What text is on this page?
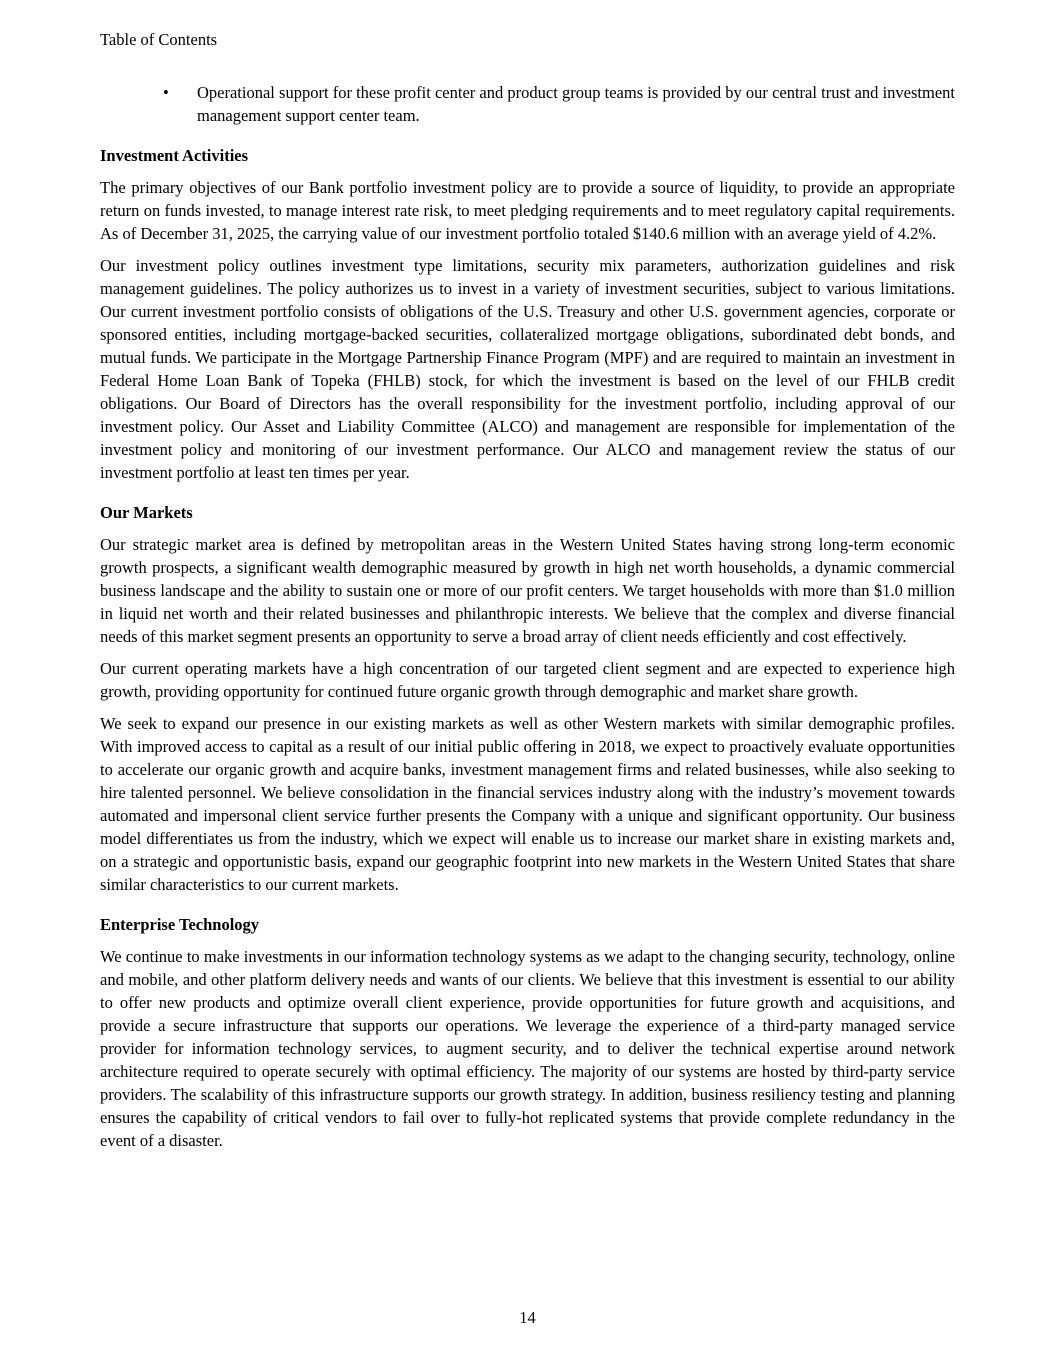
Table of Contents
•	Operational support for these profit center and product group teams is provided by our central trust and investment management support center team.
Investment Activities

The primary objectives of our Bank portfolio investment policy are to provide a source of liquidity, to provide an appropriate return on funds invested, to manage interest rate risk, to meet pledging requirements and to meet regulatory capital requirements. As of December 31, 2025, the carrying value of our investment portfolio totaled $140.6 million with an average yield of 4.2%.

Our investment policy outlines investment type limitations, security mix parameters, authorization guidelines and risk management guidelines. The policy authorizes us to invest in a variety of investment securities, subject to various limitations. Our current investment portfolio consists of obligations of the U.S. Treasury and other U.S. government agencies, corporate or sponsored entities, including mortgage-backed securities, collateralized mortgage obligations, subordinated debt bonds, and mutual funds. We participate in the Mortgage Partnership Finance Program (MPF) and are required to maintain an investment in Federal Home Loan Bank of Topeka (FHLB) stock, for which the investment is based on the level of our FHLB credit obligations. Our Board of Directors has the overall responsibility for the investment portfolio, including approval of our investment policy. Our Asset and Liability Committee (ALCO) and management are responsible for implementation of the investment policy and monitoring of our investment performance. Our ALCO and management review the status of our investment portfolio at least ten times per year.

Our Markets

Our strategic market area is defined by metropolitan areas in the Western United States having strong long-term economic growth prospects, a significant wealth demographic measured by growth in high net worth households, a dynamic commercial business landscape and the ability to sustain one or more of our profit centers. We target households with more than $1.0 million in liquid net worth and their related businesses and philanthropic interests. We believe that the complex and diverse financial needs of this market segment presents an opportunity to serve a broad array of client needs efficiently and cost effectively.

Our current operating markets have a high concentration of our targeted client segment and are expected to experience high growth, providing opportunity for continued future organic growth through demographic and market share growth.

We seek to expand our presence in our existing markets as well as other Western markets with similar demographic profiles. With improved access to capital as a result of our initial public offering in 2018, we expect to proactively evaluate opportunities to accelerate our organic growth and acquire banks, investment management firms and related businesses, while also seeking to hire talented personnel. We believe consolidation in the financial services industry along with the industry’s movement towards automated and impersonal client service further presents the Company with a unique and significant opportunity. Our business model differentiates us from the industry, which we expect will enable us to increase our market share in existing markets and, on a strategic and opportunistic basis, expand our geographic footprint into new markets in the Western United States that share similar characteristics to our current markets.

Enterprise Technology

We continue to make investments in our information technology systems as we adapt to the changing security, technology, online and mobile, and other platform delivery needs and wants of our clients. We believe that this investment is essential to our ability to offer new products and optimize overall client experience, provide opportunities for future growth and acquisitions, and provide a secure infrastructure that supports our operations. We leverage the experience of a third-party managed service provider for information technology services, to augment security, and to deliver the technical expertise around network architecture required to operate securely with optimal efficiency. The majority of our systems are hosted by third-party service providers. The scalability of this infrastructure supports our growth strategy. In addition, business resiliency testing and planning ensures the capability of critical vendors to fail over to fully-hot replicated systems that provide complete redundancy in the event of a disaster.

14
